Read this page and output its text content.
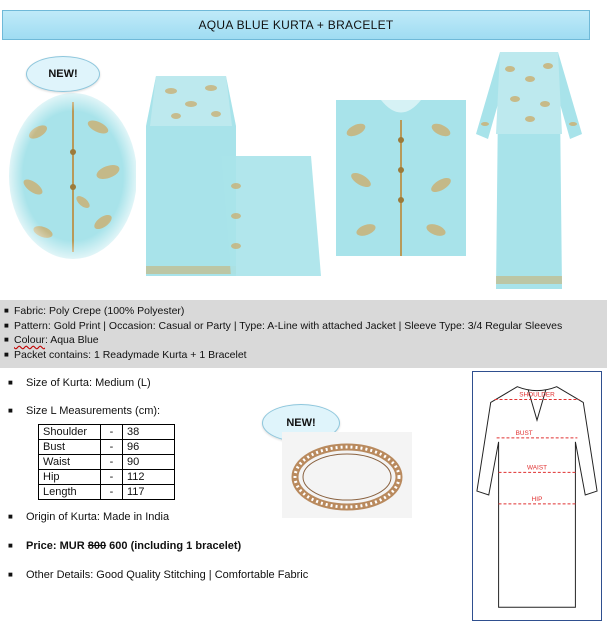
AQUA BLUE KURTA + BRACELET
NEW!
■ Fabric: Poly Crepe (100% Polyester)
■ Pattern: Gold Print | Occasion: Casual or Party | Type: A-Line with attached Jacket | Sleeve Type: 3/4 Regular Sleeves
■ Colour: Aqua Blue
■ Packet contains: 1 Readymade Kurta + 1 Bracelet
■	Size of Kurta: Medium (L)
■	Size L Measurements (cm):
■	Origin of Kurta: Made in India
■	Price: MUR 800 600 (including 1 bracelet)
■	Other Details: Good Quality Stitching | Comfortable Fabric
Shoulder	-	38
Bust	-	96
Waist	-	90
Hip	-	112
Length	-	117
NEW!
SHOULDER
BUST
WAIST
HIP
